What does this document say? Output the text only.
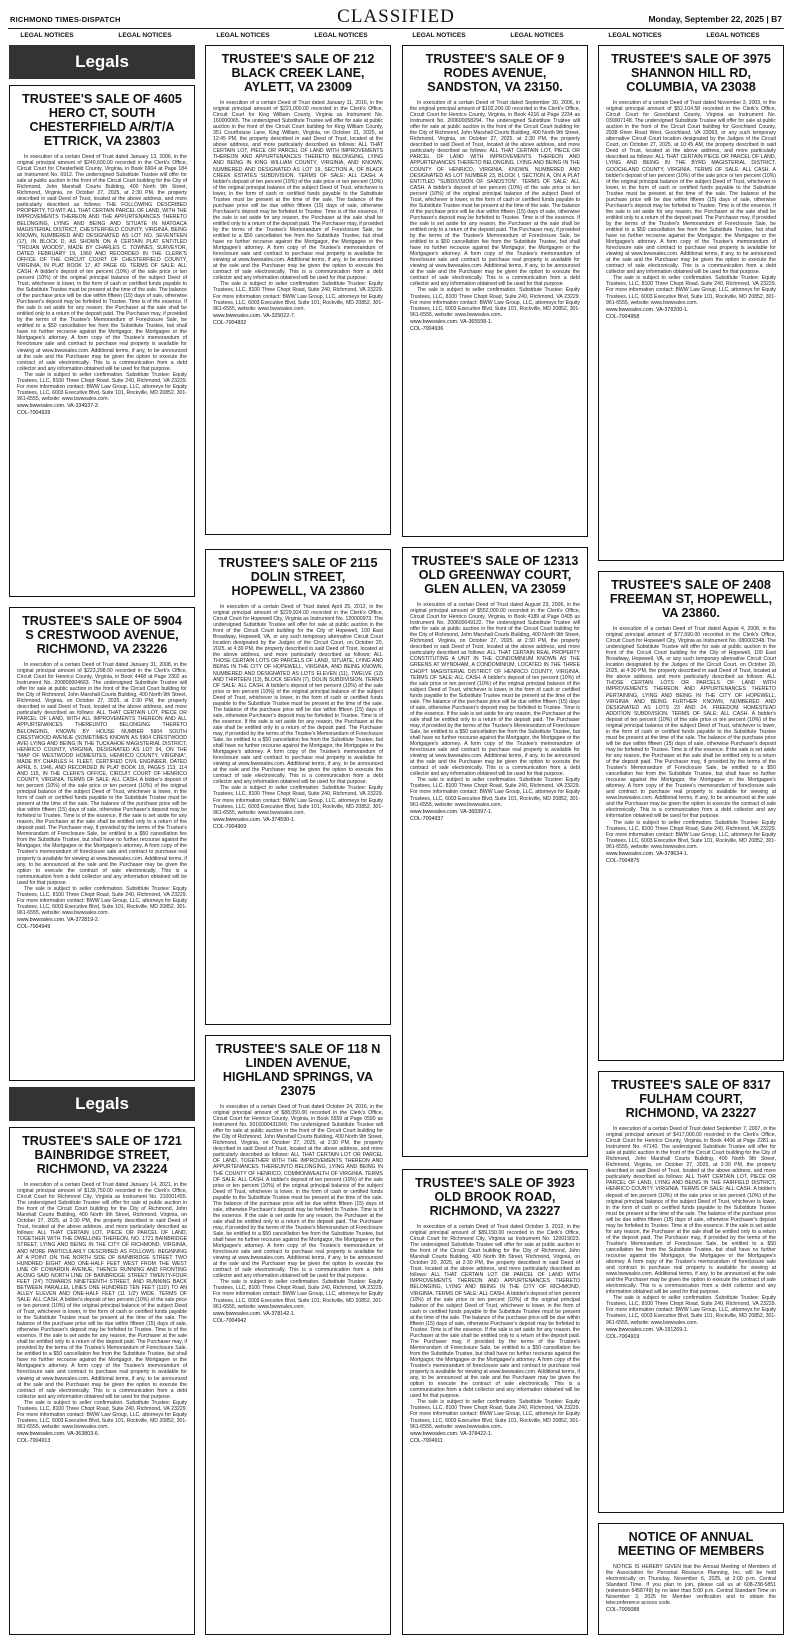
RICHMOND TIMES-DISPATCH	CLASSIFIED	Monday, September 22, 2025 | B7
LEGAL NOTICES	LEGAL NOTICES	LEGAL NOTICES	LEGAL NOTICES	LEGAL NOTICES	LEGAL NOTICES	LEGAL NOTICES	LEGAL NOTICES
Legals
TRUSTEE'S SALE OF 4605 HERO CT, SOUTH CHESTERFIELD A/R/T/A ETTRICK, VA 23803

In execution of a certain Deed of Trust dated January 13, 2006, in the original principal amount of $240,600.00 recorded in the Clerk's Office, Circuit Court for Chesterfield County, Virginia, in Book 6904 at Page 184 as Instrument No. 6912. The undersigned Substitute Trustee will offer for sale at public auction in the front of the Circuit Court building for the City of Richmond, John Marshall Courts Building, 400 North 9th Street, Richmond, Virginia, on October 27, 2025, at 2:30 PM, the property described in said Deed of Trust, located at the above address, and more particularly described as follows: THE FOLLOWING DESCRIBED PROPERTY, TO-WIT: ALL THAT CERTAIN PARCEL OF LAND, WITH THE IMPROVEMENTS THEREON AND THE APPURTENANCES THERETO BELONGING, LYING AND BEING AND SITUATE IN MATOACA MAGISTERIAL DISTRICT, CHESTERFIELD COUNTY, VIRGINIA, BEING KNOWN, NUMBERED AND DESIGNATED AS LOT NO. SEVENTEEN (17), IN BLOCK D, AS SHOWN ON A CERTAIN PLAT ENTITLED "TROJAN WOODS", MADE BY CHARLES C. TOWNES, SURVEYOR, DATED FEBRUARY 19, 1960 AND RECORDED IN THE CLERK'S OFFICE OF THE CIRCUIT COURT OF CHESTERFIELD COUNTY, VIRGINIA, IN PLAT BOOK 17, AT PAGE 69. TERMS OF SALE: ALL CASH. A bidder's deposit of ten percent (10%) of the sale price or ten percent (10%) of the original principal balance of the subject Deed of Trust, whichever is lower, in the form of cash or certified funds payable to the Substitute Trustee must be present at the time of the sale. The balance of the purchase price will be due within fifteen (15) days of sale, otherwise Purchaser's deposit may be forfeited to Trustee. Time is of the essence. If the sale is set aside for any reason, the Purchaser at the sale shall be entitled only to a return of the deposit paid. The Purchaser may, if provided by the terms of the Trustee's Memorandum of Foreclosure Sale, be entitled to a $50 cancellation fee from the Substitute Trustee, but shall have no further recourse against the Mortgagor, the Mortgagee or the Mortgagee's attorney. A form copy of the Trustee's memorandum of foreclosure sale and contract to purchase real property is available for viewing at www.bwwsales.com. Additional terms, if any, to be announced at the sale and the Purchaser may be given the option to execute the contract of sale electronically. This is a communication from a debt collector and any information obtained will be used for that purpose.

The sale is subject to seller confirmation. Substitute Trustee: Equity Trustees, LLC, 8100 Three Chopt Road, Suite 240, Richmond, VA 23229. For more information contact: BWW Law Group, LLC, attorneys for Equity Trustees, LLC, 6003 Executive Blvd, Suite 101, Rockville, MD 20852, 301-961-6555, website: www.bwwsales.com.

www.bwwsales.com. VA-334937-3
COL-7004928
TRUSTEE'S SALE OF 5904 S CRESTWOOD AVENUE, RICHMOND, VA 23226

In execution of a certain Deed of Trust dated January 31, 2008, in the original principal amount of $223,298.00 recorded in the Clerk's Office, Circuit Court for Henrico County, Virginia, in Book 4468 at Page 2302 as Instrument No. 200800004663. The undersigned Substitute Trustee will offer for sale at public auction in the front of the Circuit Court building for the City of Richmond, John Marshall Courts Building, 400 North 9th Street, Richmond, Virginia, on October 27, 2025, at 2:30 PM, the property described in said Deed of Trust, located at the above address, and more particularly described as follows: ALL THAT CERTAIN LOT, PIECE OR PARCEL OF LAND, WITH ALL IMPROVEMENTS THEREON AND ALL APPURTENANCES THEREUNTO BELONGING THERETO BELONGING, KNOWN BY HOUSE NUMBER 5904 SOUTH CRESTWOOD AVENUE (SOMETIMES KNOWN AS 5904 CRESTWOOD AVE) LYING AND BEING IN THE TUCKAHOE MAGISTERIAL DISTRICT, HENRICO COUNTY, VIRGINIA, DESIGNATED AS LOT 94, ON THE "MAP OF WESTWOOD HOMESITES, HENRICO COUNTY, VIRGINIA", MADE BY CHARLES H. FLEET, CERTIFIED CIVIL ENGINEER, DATED APRIL 5, 1946, AND RECORDED IN PLAT BOOK 18, PAGES 113, 114 AND 115, IN THE CLERK'S OFFICE, CIRCUIT COURT OF HENRICO COUNTY, VIRGINIA. TERMS OF SALE: ALL CASH. A bidder's deposit of ten percent (10%) of the sale price or ten percent (10%) of the original principal balance of the subject Deed of Trust, whichever is lower, in the form of cash or certified funds payable to the Substitute Trustee must be present at the time of the sale. The balance of the purchase price will be due within fifteen (15) days of sale, otherwise Purchaser's deposit may be forfeited to Trustee. Time is of the essence. If the sale is set aside for any reason, the Purchaser at the sale shall be entitled only to a return of the deposit paid. The Purchaser may, if provided by the terms of the Trustee's Memorandum of Foreclosure Sale, be entitled to a $50 cancellation fee from the Substitute Trustee, but shall have no further recourse against the Mortgagor, the Mortgagee or the Mortgagee's attorney. A form copy of the Trustee's memorandum of foreclosure sale and contract to purchase real property is available for viewing at www.bwwsales.com. Additional terms, if any, to be announced at the sale and the Purchaser may be given the option to execute the contract of sale electronically. This is a communication from a debt collector and any information obtained will be used for that purpose.

The sale is subject to seller confirmation. Substitute Trustee: Equity Trustees, LLC, 8100 Three Chopt Road, Suite 240, Richmond, VA 23229. For more information contact: BWW Law Group, LLC, attorneys for Equity Trustees, LLC, 6003 Executive Blvd, Suite 101, Rockville, MD 20852, 301-961-6555, website: www.bwwsales.com.

www.bwwsales.com. VA-372819-2.
COL-7004949
Legals
TRUSTEE'S SALE OF 1721 BAINBRIDGE STREET, RICHMOND, VA 23224

In execution of a certain Deed of Trust dated January 14, 2021, in the original principal amount of $139,750.00 recorded in the Clerk's Office, Circuit Court for Richmond City, Virginia as Instrument No. 210001455. The undersigned Substitute Trustee will offer for sale at public auction in the front of the Circuit Court building for the City of Richmond, John Marshall Courts Building, 400 North 9th Street, Richmond, Virginia, on October 27, 2025, at 2:30 PM, the property described in said Deed of Trust, located at the above address, and more particularly described as follows: ALL THAT CERTAIN LOT, PIECE OR PARCEL OF LAND, TOGETHER WITH THE DWELLING THEREON, NO. 1721 BAINBRIDGE STREET, LYING AND BEING IN THE CITY OF RICHMOND, VIRGINIA, AND MORE PARTICULARLY DESCRIBED AS FOLLOWS: BEGINNING AT A POINT ON THE NORTH SIDE OF BAINBRIDGE STREET TWO HUNDRED EIGHT AND ONE-HALF FEET WEST FROM THE WEST LINE OF COWARDIN AVENUE, THENCE RUNNING AND FRONTING ALONG SAID NORTH LINE OF BAINBRIDGE STREET TWENTY-FOUR FEET (24') TOWARDS NINETEENTH STREET, AND RUNNING BACK BETWEEN PARALLEL LINES ONE HUNDRED TEN FEET (110') TO AN ALLEY ELEVEN AND ONE-HALF FEET (11 1/2') WIDE. TERMS OF SALE: ALL CASH. A bidder's deposit of ten percent (10%) of the sale price or ten percent (10%) of the original principal balance of the subject Deed of Trust, whichever is lower, in the form of cash or certified funds payable to the Substitute Trustee must be present at the time of the sale. The balance of the purchase price will be due within fifteen (15) days of sale, otherwise Purchaser's deposit may be forfeited to Trustee. Time is of the essence. If the sale is set aside for any reason, the Purchaser at the sale shall be entitled only to a return of the deposit paid. The Purchaser may, if provided by the terms of the Trustee's Memorandum of Foreclosure Sale, be entitled to a $50 cancellation fee from the Substitute Trustee, but shall have no further recourse against the Mortgagor, the Mortgagee or the Mortgagee's attorney. A form copy of the Trustee's memorandum of foreclosure sale and contract to purchase real property is available for viewing at www.bwwsales.com. Additional terms, if any, to be announced at the sale and the Purchaser may be given the option to execute the contract of sale electronically. This is a communication from a debt collector and any information obtained will be used for that purpose.

The sale is subject to seller confirmation. Substitute Trustee: Equity Trustees, LLC, 8100 Three Chopt Road, Suite 240, Richmond, VA 23229. For more information contact: BWW Law Group, LLC, attorneys for Equity Trustees, LLC, 6003 Executive Blvd, Suite 101, Rockville, MD 20852, 301-961-6555, website: www.bwwsales.com.

www.bwwsales.com. VA-363803-6.
COL-7004913
TRUSTEE'S SALE OF 212 BLACK CREEK LANE, AYLETT, VA 23009

In execution of a certain Deed of Trust dated January 11, 2016, in the original principal amount of $221,000.00 recorded in the Clerk's Office, Circuit Court for King William County, Virginia as Instrument No. 160000065. The undersigned Substitute Trustee will offer for sale at public auction in the front of the Circuit Court building for King William County, 351 Courthouse Lane, King William, Virginia, on October 21, 2025, at 12:45 PM, the property described in said Deed of Trust, located at the above address, and more particularly described as follows: ALL THAT CERTAIN LOT, PIECE OR PARCEL OF LAND WITH IMPROVEMENTS THEREON AND APPURTENANCES THERETO BELONGING, LYING AND BEING IN KING WILLIAM COUNTY, VIRGINIA, AND KNOWN, NUMBERED AND DESIGNATED AS LOT 19, SECTION A, OF BLACK CREEK ESTATES SUBDIVISION. TERMS OF SALE: ALL CASH. A bidder's deposit of ten percent (10%) of the sale price or ten percent (10%) of the original principal balance of the subject Deed of Trust, whichever is lower, in the form of cash or certified funds payable to the Substitute Trustee must be present at the time of the sale. The balance of the purchase price will be due within fifteen (15) days of sale, otherwise Purchaser's deposit may be forfeited to Trustee. Time is of the essence. If the sale is set aside for any reason, the Purchaser at the sale shall be entitled only to a return of the deposit paid. The Purchaser may, if provided by the terms of the Trustee's Memorandum of Foreclosure Sale, be entitled to a $50 cancellation fee from the Substitute Trustee, but shall have no further recourse against the Mortgagor, the Mortgagee or the Mortgagee's attorney. A form copy of the Trustee's memorandum of foreclosure sale and contract to purchase real property is available for viewing at www.bwwsales.com. Additional terms, if any, to be announced at the sale and the Purchaser may be given the option to execute the contract of sale electronically. This is a communication from a debt collector and any information obtained will be used for that purpose.

The sale is subject to seller confirmation. Substitute Trustee: Equity Trustees, LLC, 8100 Three Chopt Road, Suite 240, Richmond, VA 23229. For more information contact: BWW Law Group, LLC, attorneys for Equity Trustees, LLC, 6003 Executive Blvd, Suite 101, Rockville, MD 20852, 301-961-6555, website: www.bwwsales.com.

www.bwwsales.com. VA-325022-7.
COL-7004832
TRUSTEE'S SALE OF 2115 DOLIN STREET, HOPEWELL, VA 23860

In execution of a certain Deed of Trust dated April 25, 2012, in the original principal amount of $229,924.00 recorded in the Clerk's Office, Circuit Court for Hopewell City, Virginia as Instrument No. 120000973. The undersigned Substitute Trustee will offer for sale at public auction in the front of the Circuit Court building for the City of Hopewell, 100 East Broadway, Hopewell, VA, or any such temporary alternative Circuit Court location designated by the Judges of the Circuit Court, on October 20, 2025, at 4:30 PM, the property described in said Deed of Trust, located at the above address, and more particularly described as follows: ALL THOSE CERTAIN LOTS OR PARCELS OF LAND, SITUATE, LYING AND BEING IN THE CITY OF HOPEWELL, VIRGINIA, AND BEING KNOWN, NUMBERED AND DESIGNATED AS LOTS ELEVEN (11), TWELVE (12) AND THIRTEEN (13), BLOCK SEVEN (7), DOLIN SUBDIVISION. TERMS OF SALE: ALL CASH. A bidder's deposit of ten percent (10%) of the sale price or ten percent (10%) of the original principal balance of the subject Deed of Trust, whichever is lower, in the form of cash or certified funds payable to the Substitute Trustee must be present at the time of the sale. The balance of the purchase price will be due within fifteen (15) days of sale, otherwise Purchaser's deposit may be forfeited to Trustee. Time is of the essence. If the sale is set aside for any reason, the Purchaser at the sale shall be entitled only to a return of the deposit paid. The Purchaser may, if provided by the terms of the Trustee's Memorandum of Foreclosure Sale, be entitled to a $50 cancellation fee from the Substitute Trustee, but shall have no further recourse against the Mortgagor, the Mortgagee or the Mortgagee's attorney. A form copy of the Trustee's memorandum of foreclosure sale and contract to purchase real property is available for viewing at www.bwwsales.com. Additional terms, if any, to be announced at the sale and the Purchaser may be given the option to execute the contract of sale electronically. This is a communication from a debt collector and any information obtained will be used for that purpose.

The sale is subject to seller confirmation. Substitute Trustee: Equity Trustees, LLC, 8100 Three Chopt Road, Suite 240, Richmond, VA 23229. For more information contact: BWW Law Group, LLC, attorneys for Equity Trustees, LLC, 6003 Executive Blvd, Suite 101, Rockville, MD 20852, 301-961-6555, website: www.bwwsales.com.

www.bwwsales.com. VA-374590-1.
COL-7004909
TRUSTEE'S SALE OF 118 N LINDEN AVENUE, HIGHLAND SPRINGS, VA 23075

In execution of a certain Deed of Trust dated October 24, 2016, in the original principal amount of $88,050.00 recorded in the Clerk's Office, Circuit Court for Henrico County, Virginia, in Book 5559 at Page 0590 as Instrument No. 2016000431849. The undersigned Substitute Trustee will offer for sale at public auction in the front of the Circuit Court building for the City of Richmond, John Marshall Courts Building, 400 North 9th Street, Richmond, Virginia, on October 27, 2025, at 2:30 PM, the property described in said Deed of Trust, located at the above address, and more particularly described as follows: ALL THAT CERTAIN LOT OR PARCEL OF LAND, TOGETHER WITH THE IMPROVEMENTS THEREON AND APPURTENANCES THEREUNTO BELONGING, LYING AND BEING IN THE COUNTY OF HENRICO, COMMONWEALTH OF VIRGINIA. TERMS OF SALE: ALL CASH. A bidder's deposit of ten percent (10%) of the sale price or ten percent (10%) of the original principal balance of the subject Deed of Trust, whichever is lower, in the form of cash or certified funds payable to the Substitute Trustee must be present at the time of the sale. The balance of the purchase price will be due within fifteen (15) days of sale, otherwise Purchaser's deposit may be forfeited to Trustee. Time is of the essence. If the sale is set aside for any reason, the Purchaser at the sale shall be entitled only to a return of the deposit paid. The Purchaser may, if provided by the terms of the Trustee's Memorandum of Foreclosure Sale, be entitled to a $50 cancellation fee from the Substitute Trustee, but shall have no further recourse against the Mortgagor, the Mortgagee or the Mortgagee's attorney. A form copy of the Trustee's memorandum of foreclosure sale and contract to purchase real property is available for viewing at www.bwwsales.com. Additional terms, if any, to be announced at the sale and the Purchaser may be given the option to execute the contract of sale electronically. This is a communication from a debt collector and any information obtained will be used for that purpose.

The sale is subject to seller confirmation. Substitute Trustee: Equity Trustees, LLC, 8100 Three Chopt Road, Suite 240, Richmond, VA 23229. For more information contact: BWW Law Group, LLC, attorneys for Equity Trustees, LLC, 6003 Executive Blvd, Suite 101, Rockville, MD 20852, 301-961-6555, website: www.bwwsales.com.

www.bwwsales.com. VA-378142-1.
COL-7004942
TRUSTEE'S SALE OF 9 RODES AVENUE, SANDSTON, VA 23150.

In execution of a certain Deed of Trust dated September 30, 2006, in the original principal amount of $102,200.00 recorded in the Clerk's Office, Circuit Court for Henrico County, Virginia, in Book 4216 at Page 2234 as Instrument No. 200600058294. The undersigned Substitute Trustee will offer for sale at public auction in the front of the Circuit Court building for the City of Richmond, John Marshall Courts Building, 400 North 9th Street, Richmond, Virginia, on October 27, 2025, at 2:30 PM, the property described in said Deed of Trust, located at the above address, and more particularly described as follows: ALL THAT CERTAIN LOT, PIECE OR PARCEL OF LAND WITH IMPROVEMENTS THEREON AND APPURTENANCES THERETO BELONGING, LYING AND BEING IN THE COUNTY OF HENRICO, VIRGINIA, KNOWN, NUMBERED AND DESIGNATED AS LOT NUMBER 23, BLOCK I, SECTION A, ON A PLAT ENTITLED "SUBDIVISION OF SANDSTON". TERMS OF SALE: ALL CASH. A bidder's deposit of ten percent (10%) of the sale price or ten percent (10%) of the original principal balance of the subject Deed of Trust, whichever is lower, in the form of cash or certified funds payable to the Substitute Trustee must be present at the time of the sale. The balance of the purchase price will be due within fifteen (15) days of sale, otherwise Purchaser's deposit may be forfeited to Trustee. Time is of the essence. If the sale is set aside for any reason, the Purchaser at the sale shall be entitled only to a return of the deposit paid. The Purchaser may, if provided by the terms of the Trustee's Memorandum of Foreclosure Sale, be entitled to a $50 cancellation fee from the Substitute Trustee, but shall have no further recourse against the Mortgagor, the Mortgagee or the Mortgagee's attorney. A form copy of the Trustee's memorandum of foreclosure sale and contract to purchase real property is available for viewing at www.bwwsales.com. Additional terms, if any, to be announced at the sale and the Purchaser may be given the option to execute the contract of sale electronically. This is a communication from a debt collector and any information obtained will be used for that purpose.

The sale is subject to seller confirmation. Substitute Trustee: Equity Trustees, LLC, 8100 Three Chopt Road, Suite 240, Richmond, VA 23229. For more information contact: BWW Law Group, LLC, attorneys for Equity Trustees, LLC, 6003 Executive Blvd, Suite 101, Rockville, MD 20852, 301-961-6555, website: www.bwwsales.com.

www.bwwsales.com. VA-365598-1.
COL-7004936
TRUSTEE'S SALE OF 12313 OLD GREENWAY COURT, GLEN ALLEN, VA 23059

In execution of a certain Deed of Trust dated August 23, 2006, in the original principal amount of $552,000.00 recorded in the Clerk's Office, Circuit Court for Henrico County, Virginia, in Book 4189 at Page 0405 as Instrument No. 200600049122. The undersigned Substitute Trustee will offer for sale at public auction in the front of the Circuit Court building for the City of Richmond, John Marshall Courts Building, 400 North 9th Street, Richmond, Virginia, on October 27, 2025, at 2:30 PM, the property described in said Deed of Trust, located at the above address, and more particularly described as follows: ALL THAT CERTAIN REAL PROPERTY CONSTITUTING A UNIT IN THE CONDOMINIUM KNOWN AS THE GREENS AT WYNDHAM, A CONDOMINIUM, LOCATED IN THE THREE CHOPT MAGISTERIAL DISTRICT OF HENRICO COUNTY, VIRGINIA. TERMS OF SALE: ALL CASH. A bidder's deposit of ten percent (10%) of the sale price or ten percent (10%) of the original principal balance of the subject Deed of Trust, whichever is lower, in the form of cash or certified funds payable to the Substitute Trustee must be present at the time of the sale. The balance of the purchase price will be due within fifteen (15) days of sale, otherwise Purchaser's deposit may be forfeited to Trustee. Time is of the essence. If the sale is set aside for any reason, the Purchaser at the sale shall be entitled only to a return of the deposit paid. The Purchaser may, if provided by the terms of the Trustee's Memorandum of Foreclosure Sale, be entitled to a $50 cancellation fee from the Substitute Trustee, but shall have no further recourse against the Mortgagor, the Mortgagee or the Mortgagee's attorney. A form copy of the Trustee's memorandum of foreclosure sale and contract to purchase real property is available for viewing at www.bwwsales.com. Additional terms, if any, to be announced at the sale and the Purchaser may be given the option to execute the contract of sale electronically. This is a communication from a debt collector and any information obtained will be used for that purpose.

The sale is subject to seller confirmation. Substitute Trustee: Equity Trustees, LLC, 8100 Three Chopt Road, Suite 240, Richmond, VA 23229. For more information contact: BWW Law Group, LLC, attorneys for Equity Trustees, LLC, 6003 Executive Blvd, Suite 101, Rockville, MD 20852, 301-961-6555, website: www.bwwsales.com.

www.bwwsales.com. VA-360397-1.
COL-7004937
TRUSTEE'S SALE OF 3923 OLD BROOK ROAD, RICHMOND, VA 23227

In execution of a certain Deed of Trust dated October 3, 2012, in the original principal amount of $89,150.00 recorded in the Clerk's Office, Circuit Court for Richmond City, Virginia as Instrument No. 120019023. The undersigned Substitute Trustee will offer for sale at public auction in the front of the Circuit Court building for the City of Richmond, John Marshall Courts Building, 400 North 9th Street, Richmond, Virginia, on October 20, 2025, at 2:30 PM, the property described in said Deed of Trust, located at the above address, and more particularly described as follows: ALL THAT CERTAIN LOT OR PARCEL OF LAND WITH IMPROVEMENTS THEREON AND APPURTENANCES THERETO BELONGING, LYING AND BEING IN THE CITY OF RICHMOND, VIRGINIA. TERMS OF SALE: ALL CASH. A bidder's deposit of ten percent (10%) of the sale price or ten percent (10%) of the original principal balance of the subject Deed of Trust, whichever is lower, in the form of cash or certified funds payable to the Substitute Trustee must be present at the time of the sale. The balance of the purchase price will be due within fifteen (15) days of sale, otherwise Purchaser's deposit may be forfeited to Trustee. Time is of the essence. If the sale is set aside for any reason, the Purchaser at the sale shall be entitled only to a return of the deposit paid. The Purchaser may, if provided by the terms of the Trustee's Memorandum of Foreclosure Sale, be entitled to a $50 cancellation fee from the Substitute Trustee, but shall have no further recourse against the Mortgagor, the Mortgagee or the Mortgagee's attorney. A form copy of the Trustee's memorandum of foreclosure sale and contract to purchase real property is available for viewing at www.bwwsales.com. Additional terms, if any, to be announced at the sale and the Purchaser may be given the option to execute the contract of sale electronically. This is a communication from a debt collector and any information obtained will be used for that purpose.

The sale is subject to seller confirmation. Substitute Trustee: Equity Trustees, LLC, 8100 Three Chopt Road, Suite 240, Richmond, VA 23229. For more information contact: BWW Law Group, LLC, attorneys for Equity Trustees, LLC, 6003 Executive Blvd, Suite 101, Rockville, MD 20852, 301-961-6555, website: www.bwwsales.com.

www.bwwsales.com. VA-378422-1.
COL-7004911
TRUSTEE'S SALE OF 3975 SHANNON HILL RD, COLUMBIA, VA 23038

In execution of a certain Deed of Trust dated November 3, 2003, in the original principal amount of $52,104.58 recorded in the Clerk's Office, Circuit Court for Goochland County, Virginia as Instrument No. 030007148. The undersigned Substitute Trustee will offer for sale at public auction in the front of the Circuit Court building for Goochland County, 2938 River Road West, Goochland, VA 23063, or any such temporary alternative Circuit Court location designated by the Judges of the Circuit Court, on October 27, 2025, at 10:45 AM, the property described in said Deed of Trust, located at the above address, and more particularly described as follows: ALL THAT CERTAIN PIECE OR PARCEL OF LAND, LYING AND BEING IN THE BYRD MAGISTERIAL DISTRICT, GOOCHLAND COUNTY, VIRGINIA. TERMS OF SALE: ALL CASH. A bidder's deposit of ten percent (10%) of the sale price or ten percent (10%) of the original principal balance of the subject Deed of Trust, whichever is lower, in the form of cash or certified funds payable to the Substitute Trustee must be present at the time of the sale. The balance of the purchase price will be due within fifteen (15) days of sale, otherwise Purchaser's deposit may be forfeited to Trustee. Time is of the essence. If the sale is set aside for any reason, the Purchaser at the sale shall be entitled only to a return of the deposit paid. The Purchaser may, if provided by the terms of the Trustee's Memorandum of Foreclosure Sale, be entitled to a $50 cancellation fee from the Substitute Trustee, but shall have no further recourse against the Mortgagor, the Mortgagee or the Mortgagee's attorney. A form copy of the Trustee's memorandum of foreclosure sale and contract to purchase real property is available for viewing at www.bwwsales.com. Additional terms, if any, to be announced at the sale and the Purchaser may be given the option to execute the contract of sale electronically. This is a communication from a debt collector and any information obtained will be used for that purpose.

The sale is subject to seller confirmation. Substitute Trustee: Equity Trustees, LLC, 8100 Three Chopt Road, Suite 240, Richmond, VA 23229. For more information contact: BWW Law Group, LLC, attorneys for Equity Trustees, LLC, 6003 Executive Blvd, Suite 101, Rockville, MD 20852, 301-961-6555, website: www.bwwsales.com.

www.bwwsales.com. VA-378200-1.
COL-7004958
TRUSTEE'S SALE OF 2408 FREEMAN ST, HOPEWELL, VA 23860.

In execution of a certain Deed of Trust dated August 4, 2008, in the original principal amount of $77,690.00 recorded in the Clerk's Office, Circuit Court for Hopewell City, Virginia as Instrument No. 080002348. The undersigned Substitute Trustee will offer for sale at public auction in the front of the Circuit Court building for the City of Hopewell, 100 East Broadway, Hopewell, VA, or any such temporary alternative Circuit Court location designated by the Judges of the Circuit Court, on October 20, 2025, at 4:30 PM, the property described in said Deed of Trust, located at the above address, and more particularly described as follows: ALL THOSE CERTAIN LOTS OR PARCELS OF LAND WITH IMPROVEMENTS THEREON AND APPURTENANCES THERETO PERTAINING, LYING AND BEING IN THE CITY OF HOPEWELL, VIRGINIA AND BEING FURTHER KNOWN, NUMBERED AND DESIGNATED AS LOTS 23 AND 24, FREEDOM HOMESTEAD ADDITION SUBDIVISION. TERMS OF SALE: ALL CASH. A bidder's deposit of ten percent (10%) of the sale price or ten percent (10%) of the original principal balance of the subject Deed of Trust, whichever is lower, in the form of cash or certified funds payable to the Substitute Trustee must be present at the time of the sale. The balance of the purchase price will be due within fifteen (15) days of sale, otherwise Purchaser's deposit may be forfeited to Trustee. Time is of the essence. If the sale is set aside for any reason, the Purchaser at the sale shall be entitled only to a return of the deposit paid. The Purchaser may, if provided by the terms of the Trustee's Memorandum of Foreclosure Sale, be entitled to a $50 cancellation fee from the Substitute Trustee, but shall have no further recourse against the Mortgagor, the Mortgagee or the Mortgagee's attorney. A form copy of the Trustee's memorandum of foreclosure sale and contract to purchase real property is available for viewing at www.bwwsales.com. Additional terms, if any, to be announced at the sale and the Purchaser may be given the option to execute the contract of sale electronically. This is a communication from a debt collector and any information obtained will be used for that purpose.

The sale is subject to seller confirmation. Substitute Trustee: Equity Trustees, LLC, 8100 Three Chopt Road, Suite 240, Richmond, VA 23229. For more information contact: BWW Law Group, LLC, attorneys for Equity Trustees, LLC, 6003 Executive Blvd, Suite 101, Rockville, MD 20852, 301-961-6555, website: www.bwwsales.com.

www.bwwsales.com. VA-378634-1.
COL-7004875
TRUSTEE'S SALE OF 8317 FULHAM COURT, RICHMOND, VA 23227

In execution of a certain Deed of Trust dated September 7, 2007, in the original principal amount of $417,000.00 recorded in the Clerk's Office, Circuit Court for Henrico County, Virginia, in Book 4406 at Page 2281 as Instrument No. 47140. The undersigned Substitute Trustee will offer for sale at public auction in the front of the Circuit Court building for the City of Richmond, John Marshall Courts Building, 400 North 9th Street, Richmond, Virginia, on October 27, 2025, at 2:30 PM, the property described in said Deed of Trust, located at the above address, and more particularly described as follows: ALL THAT CERTAIN LOT, PIECE OR PARCEL OF LAND, LYING AND BEING IN THE FAIRFIELD DISTRICT, HENRICO COUNTY, VIRGINIA. TERMS OF SALE: ALL CASH. A bidder's deposit of ten percent (10%) of the sale price or ten percent (10%) of the original principal balance of the subject Deed of Trust, whichever is lower, in the form of cash or certified funds payable to the Substitute Trustee must be present at the time of the sale. The balance of the purchase price will be due within fifteen (15) days of sale, otherwise Purchaser's deposit may be forfeited to Trustee. Time is of the essence. If the sale is set aside for any reason, the Purchaser at the sale shall be entitled only to a return of the deposit paid. The Purchaser may, if provided by the terms of the Trustee's Memorandum of Foreclosure Sale, be entitled to a $50 cancellation fee from the Substitute Trustee, but shall have no further recourse against the Mortgagor, the Mortgagee or the Mortgagee's attorney. A form copy of the Trustee's memorandum of foreclosure sale and contract to purchase real property is available for viewing at www.bwwsales.com. Additional terms, if any, to be announced at the sale and the Purchaser may be given the option to execute the contract of sale electronically. This is a communication from a debt collector and any information obtained will be used for that purpose.

The sale is subject to seller confirmation. Substitute Trustee: Equity Trustees, LLC, 8100 Three Chopt Road, Suite 240, Richmond, VA 23229. For more information contact: BWW Law Group, LLC, attorneys for Equity Trustees, LLC, 6003 Executive Blvd, Suite 101, Rockville, MD 20852, 301-961-6555, website: www.bwwsales.com.

www.bwwsales.com. VA-191269-1.
COL-7004919
NOTICE OF ANNUAL MEETING OF MEMBERS

NOTICE IS HEREBY GIVEN that the Annual Meeting of Members of the Association for Personal Resource Planning, Inc. will be held electronically on Thursday, November 6, 2025, at 2:00 p.m. Central Standard Time. If you plan to join, please call us at 608-238-5851 (extension 6458749) by no later than 5:00 p.m. Central Standard Time on November 3, 2025 for Member verification and to obtain the teleconference access code.

COL-7005088
